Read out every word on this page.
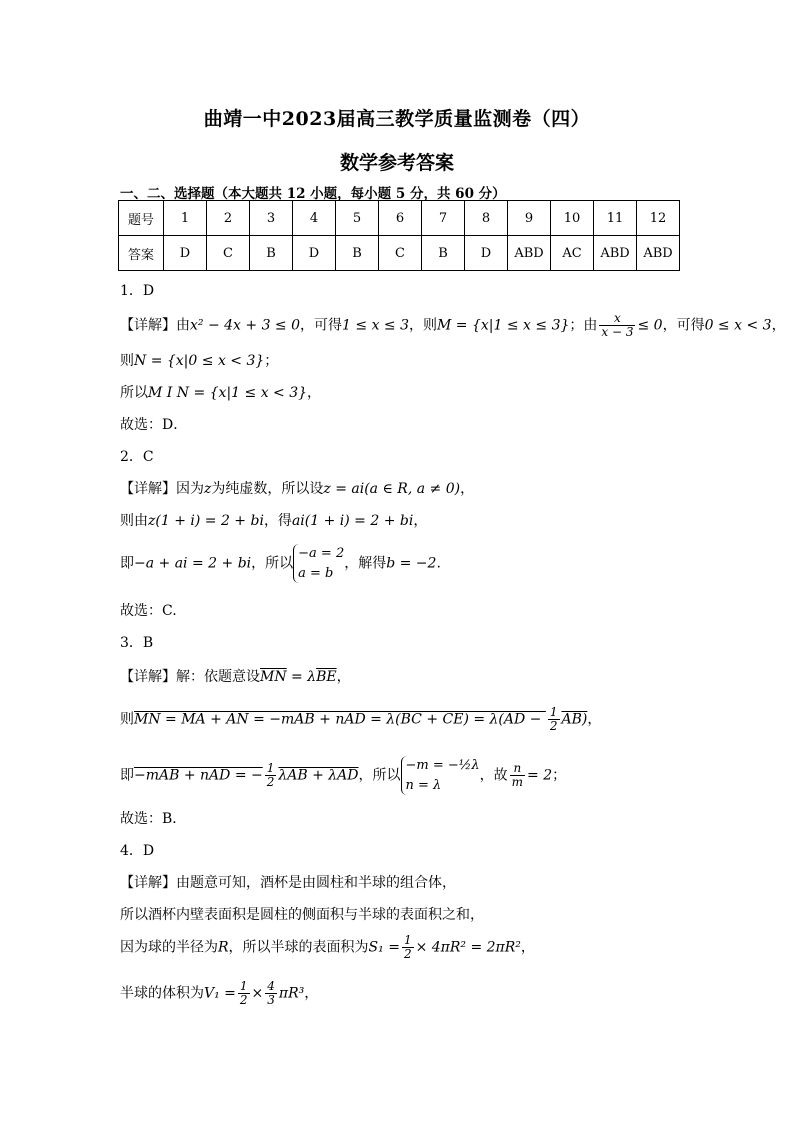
曲靖一中2023届高三教学质量监测卷（四）
数学参考答案
一、二、选择题（本大题共 12 小题，每小题 5 分，共 60 分）
题号	1	2	3	4	5	6	7	8	9	10	11	12
答案	D	C	B	D	B	C	B	D	ABD	AC	ABD	ABD
1．D
【详解】由x² − 4x + 3 ≤ 0，可得1 ≤ x ≤ 3，则M = {x|1 ≤ x ≤ 3}；由 $\frac{x}{x - 3} \le 0$，可得0 ≤ x < 3，
则N = {x|0 ≤ x < 3}；
所以M I N = {x|1 ≤ x < 3}，
故选：D．
2．C
【详解】因为z为纯虚数，所以设z = ai(a ∈ R, a ≠ 0)，
则由z(1 + i) = 2 + bi，得ai(1 + i) = 2 + bi，
即−a + ai = 2 + bi，所以
−a = 2
a = b
，解得b = −2.
故选：C.
3．B
【详解】解：依题意设$\overline{MN} = \lambda\overline{BE}$，
则MN = MA + AN = −mAB + nAD = $\lambda(BC + CE) = \lambda(AD - \frac{1}{2} AB)$，
即−mAB + nAD = − $\frac{1}{2}$ λAB + λAD，所以
−m = −½λ
n = λ
，故 $\frac{n}{m} = 2$；
故选：B．
4．D
【详解】由题意可知，酒杯是由圆柱和半球的组合体，
所以酒杯内壁表面积是圆柱的侧面积与半球的表面积之和，
因为球的半径为R，所以半球的表面积为$S_1 = \frac{1}{2} \times 4\pi R^2 = 2\pi R^2$，
半球的体积为$V_1 = \frac{1}{2} \times \frac{4}{3} \pi R^3$，
